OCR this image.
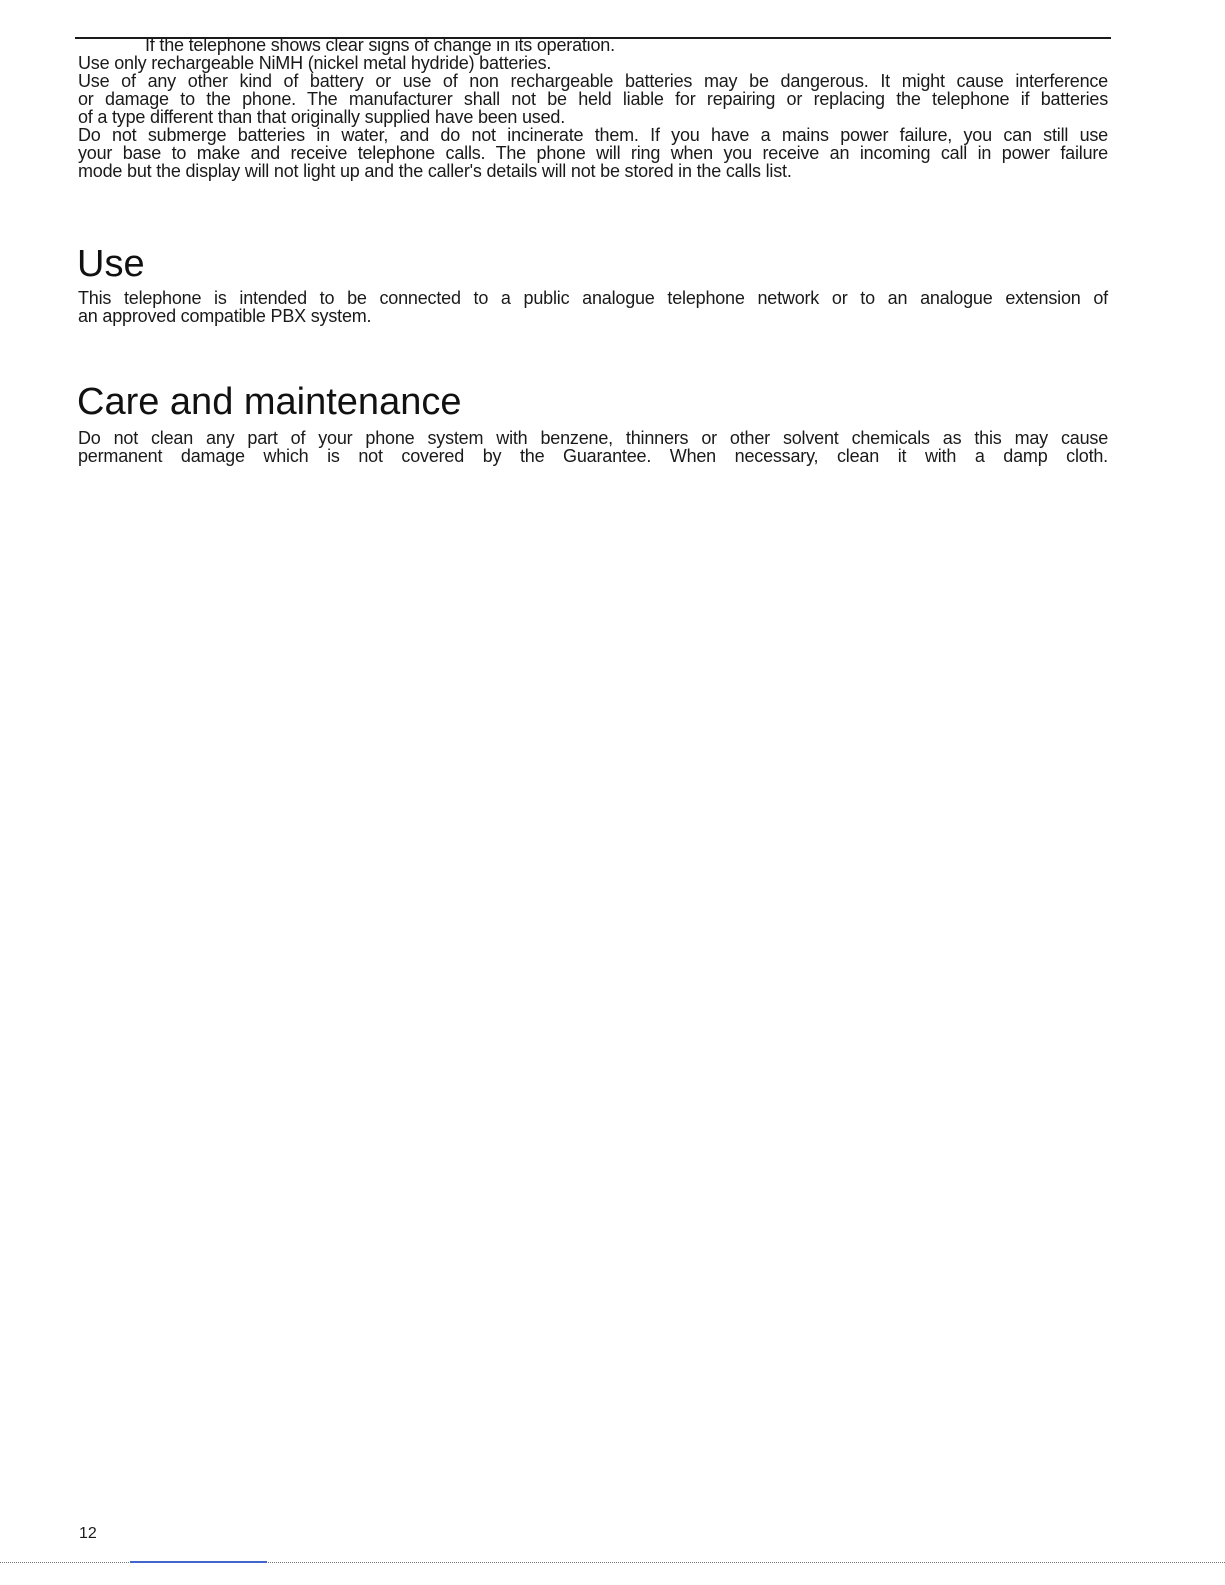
If the telephone shows clear signs of change in its operation.

Use only rechargeable NiMH (nickel metal hydride) batteries.

Use of any other kind of battery or use of non rechargeable batteries may be dangerous. It might cause interference

or damage to the phone. The manufacturer shall not be held liable for repairing or replacing the telephone if batteries

of a type different than that originally supplied have been used.

Do not submerge batteries in water, and do not incinerate them. If you have a mains power failure, you can still use

your base to make and receive telephone calls. The phone will ring when you receive an incoming call in power failure

mode but the display will not light up and the caller's details will not be stored in the calls list.

Use

This telephone is intended to be connected to a public analogue telephone network or to an analogue extension of

an approved compatible PBX system.

Care and maintenance

Do not clean any part of your phone system with benzene, thinners or other solvent chemicals as this may cause

permanent damage which is not covered by the Guarantee. When necessary, clean it with a damp cloth.

12
